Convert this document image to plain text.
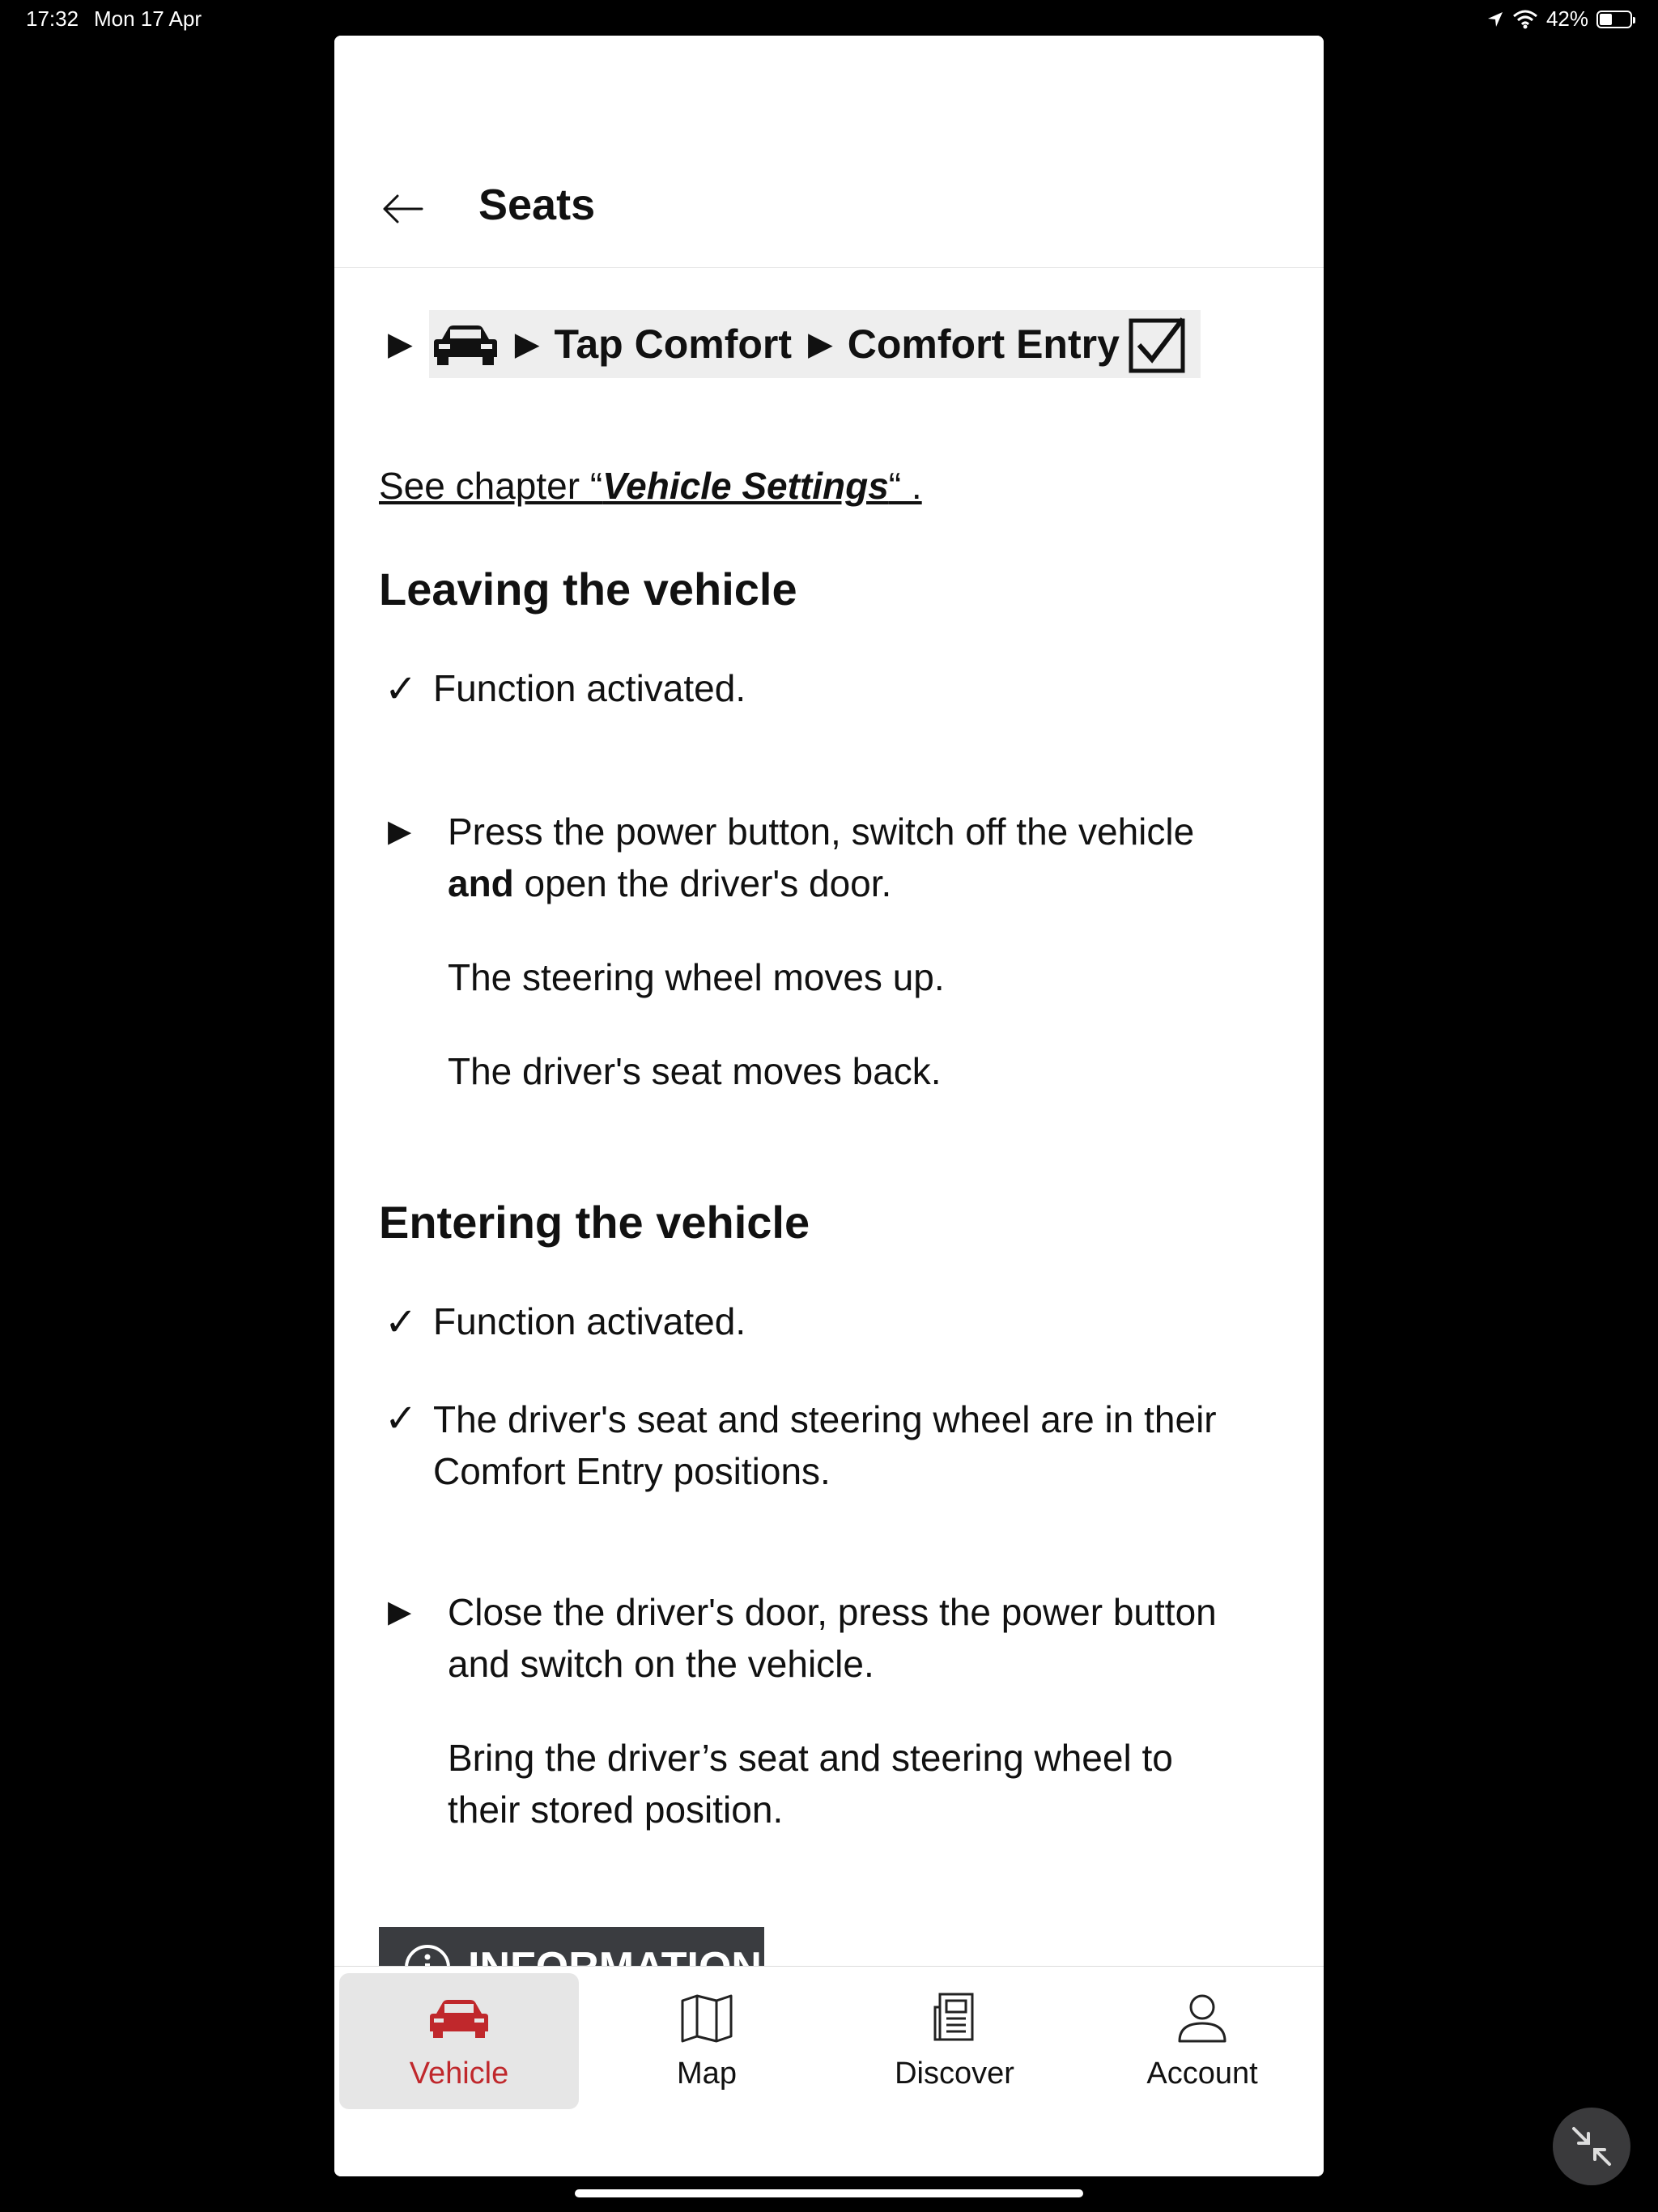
17:32 Mon 17 Apr	42%
Seats
▶	▶ Tap Comfort ▶ Comfort Entry
See chapter “Vehicle Settings“ .
Leaving the vehicle
✓ Function activated.
▶ Press the power button, switch off the vehicle
and open the driver's door.
The steering wheel moves up.
The driver's seat moves back.
Entering the vehicle
✓ Function activated.
✓ The driver's seat and steering wheel are in their
Comfort Entry positions.
▶ Close the driver's door, press the power button
and switch on the vehicle.
Bring the driver’s seat and steering wheel to
their stored position.
Vehicle	Map	Discover	Account
